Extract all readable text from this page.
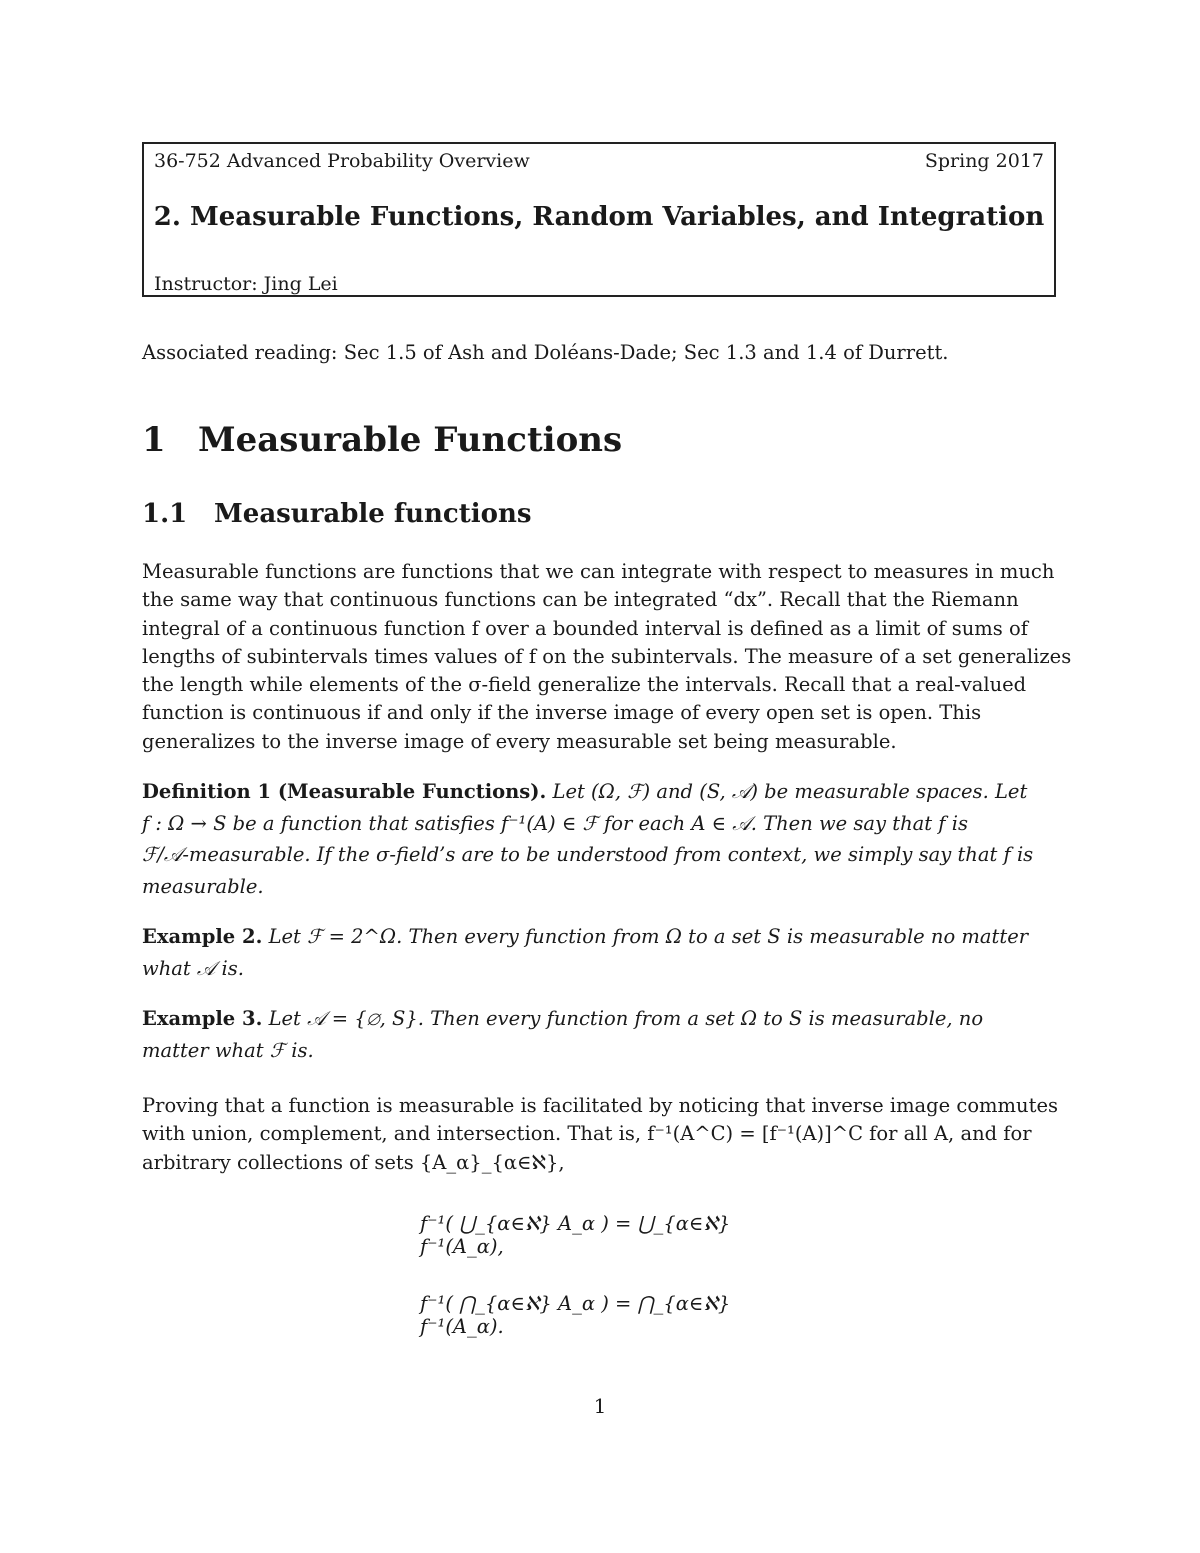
36-752 Advanced Probability Overview	Spring 2017
2. Measurable Functions, Random Variables, and Integration
Instructor: Jing Lei
Associated reading: Sec 1.5 of Ash and Doléans-Dade; Sec 1.3 and 1.4 of Durrett.
1 Measurable Functions
1.1 Measurable functions
Measurable functions are functions that we can integrate with respect to measures in much
the same way that continuous functions can be integrated “dx”. Recall that the Riemann
integral of a continuous function f over a bounded interval is defined as a limit of sums of
lengths of subintervals times values of f on the subintervals. The measure of a set generalizes
the length while elements of the σ-field generalize the intervals. Recall that a real-valued
function is continuous if and only if the inverse image of every open set is open. This
generalizes to the inverse image of every measurable set being measurable.
Definition 1 (Measurable Functions). Let (Ω, ℱ) and (S, 𝒜) be measurable spaces. Let
f : Ω → S be a function that satisfies f⁻¹(A) ∈ ℱ for each A ∈ 𝒜. Then we say that f is
ℱ/𝒜-measurable. If the σ-field’s are to be understood from context, we simply say that f is
measurable.
Example 2. Let ℱ = 2^Ω. Then every function from Ω to a set S is measurable no matter
what 𝒜 is.
Example 3. Let 𝒜 = {∅, S}. Then every function from a set Ω to S is measurable, no
matter what ℱ is.
Proving that a function is measurable is facilitated by noticing that inverse image commutes
with union, complement, and intersection. That is, f⁻¹(A^C) = [f⁻¹(A)]^C for all A, and for
arbitrary collections of sets {A_α}_{α∈ℵ},
f⁻¹( ⋃_{α∈ℵ} A_α ) = ⋃_{α∈ℵ} f⁻¹(A_α),
f⁻¹( ⋂_{α∈ℵ} A_α ) = ⋂_{α∈ℵ} f⁻¹(A_α).
1
